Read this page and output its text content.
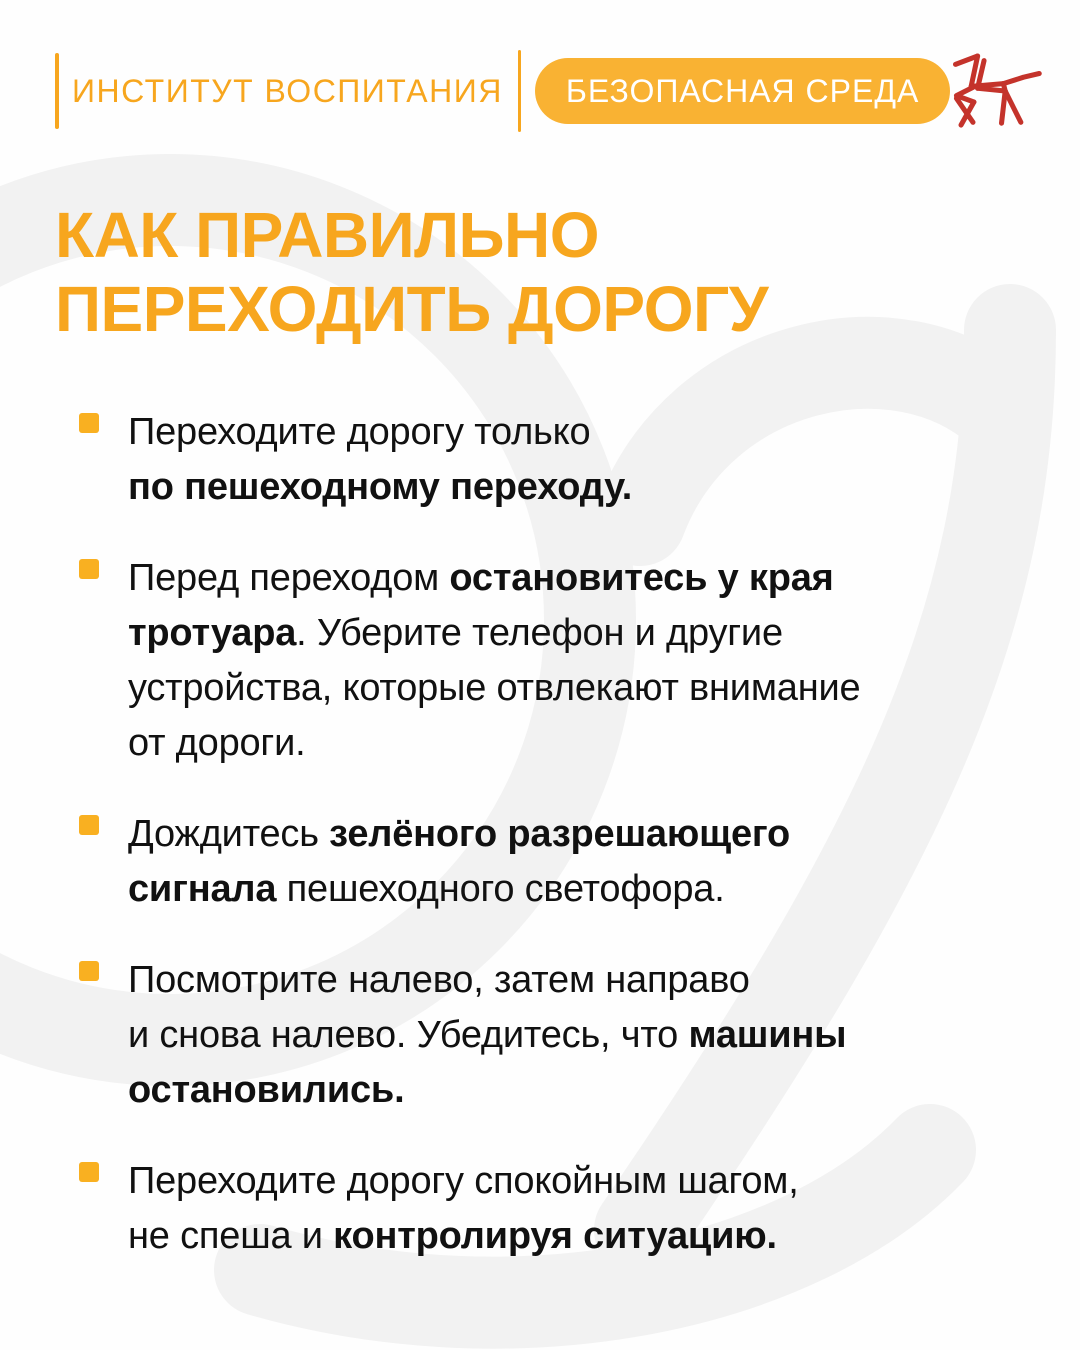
ИНСТИТУТ ВОСПИТАНИЯ	БЕЗОПАСНАЯ СРЕДА
КАК ПРАВИЛЬНО
ПЕРЕХОДИТЬ ДОРОГУ

Переходите дорогу только
по пешеходному переходу.

Перед переходом остановитесь у края
тротуара. Уберите телефон и другие
устройства, которые отвлекают внимание
от дороги.

Дождитесь зелёного разрешающего
сигнала пешеходного светофора.

Посмотрите налево, затем направо
и снова налево. Убедитесь, что машины
остановились.

Переходите дорогу спокойным шагом,
не спеша и контролируя ситуацию.
